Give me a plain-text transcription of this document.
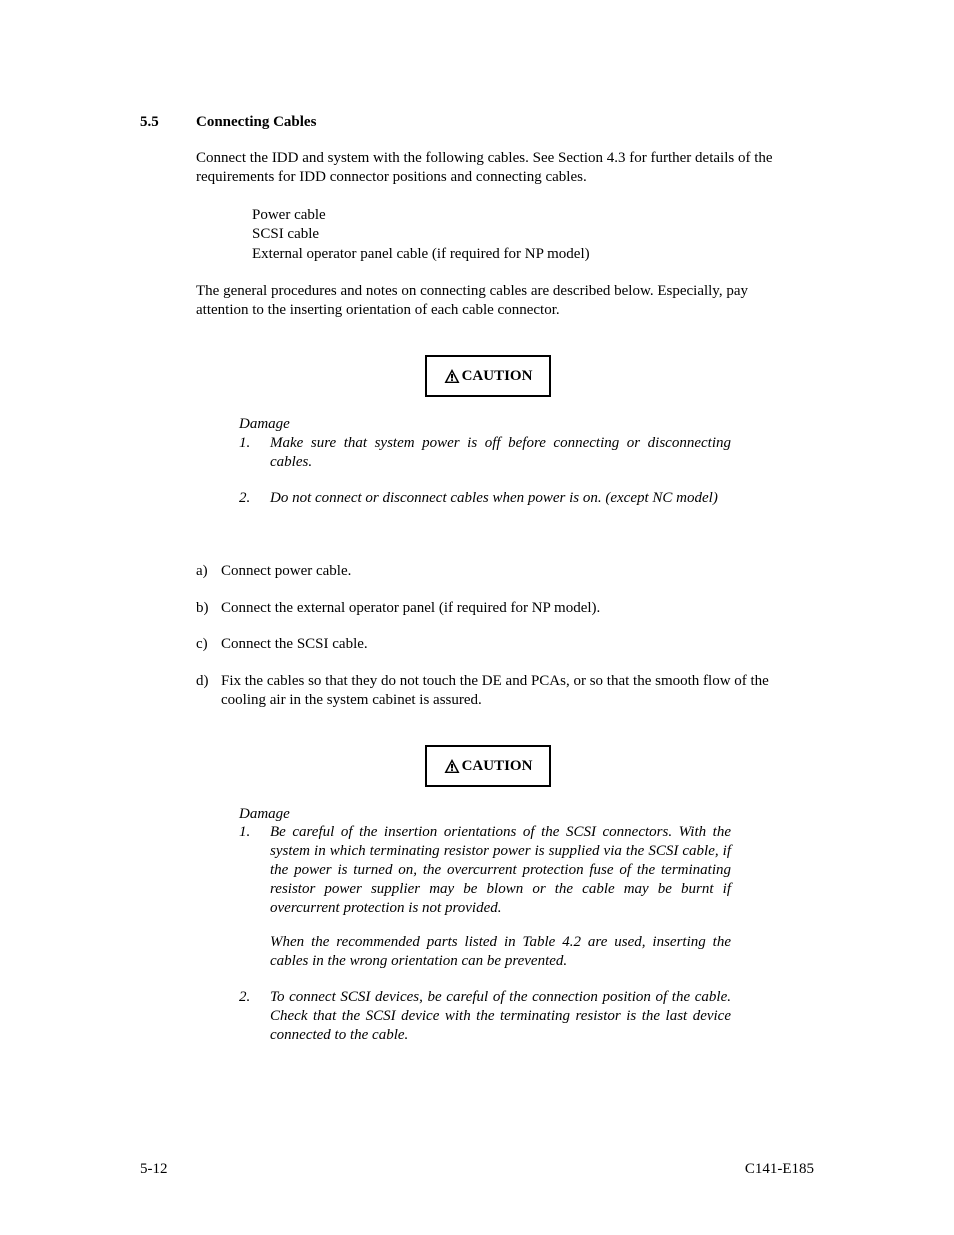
5.5 Connecting Cables
Connect the IDD and system with the following cables. See Section 4.3 for further details of the requirements for IDD connector positions and connecting cables.
Power cable
SCSI cable
External operator panel cable (if required for NP model)
The general procedures and notes on connecting cables are described below. Especially, pay attention to the inserting orientation of each cable connector.
CAUTION
Damage
1. Make sure that system power is off before connecting or disconnecting cables.
2. Do not connect or disconnect cables when power is on. (except NC model)
a) Connect power cable.
b) Connect the external operator panel (if required for NP model).
c) Connect the SCSI cable.
d) Fix the cables so that they do not touch the DE and PCAs, or so that the smooth flow of the cooling air in the system cabinet is assured.
CAUTION
Damage
1. Be careful of the insertion orientations of the SCSI connectors. With the system in which terminating resistor power is supplied via the SCSI cable, if the power is turned on, the overcurrent protection fuse of the terminating resistor power supplier may be blown or the cable may be burnt if overcurrent protection is not provided.
When the recommended parts listed in Table 4.2 are used, inserting the cables in the wrong orientation can be prevented.
2. To connect SCSI devices, be careful of the connection position of the cable. Check that the SCSI device with the terminating resistor is the last device connected to the cable.
5-12	C141-E185
